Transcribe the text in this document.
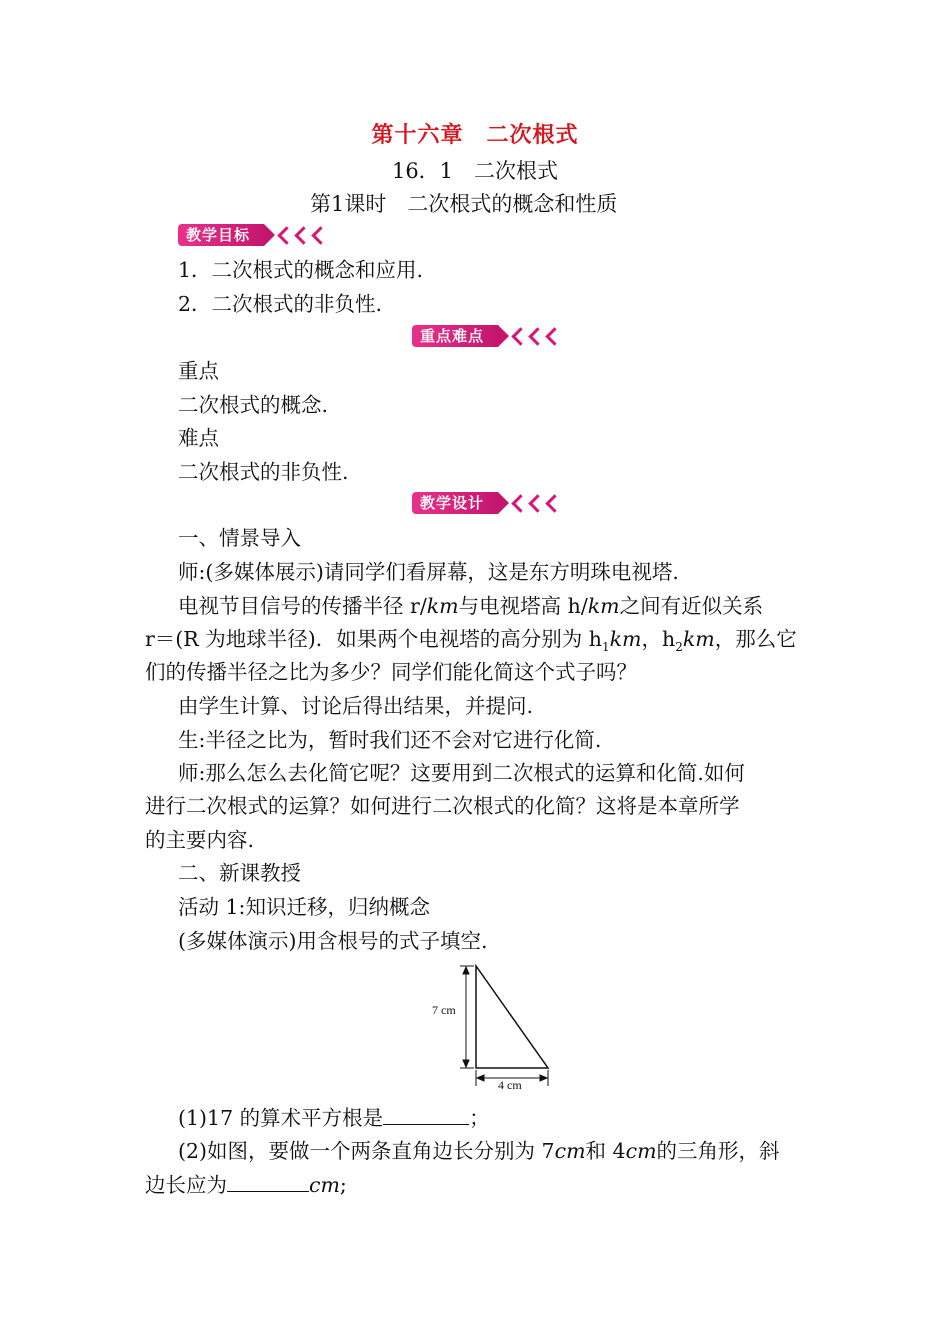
第十六章　二次根式
16．1　二次根式
第1课时　二次根式的概念和性质
教学目标
1．二次根式的概念和应用.
2．二次根式的非负性.
重点难点
重点
二次根式的概念.
难点
二次根式的非负性.
教学设计
一、情景导入
师:(多媒体展示)请同学们看屏幕，这是东方明珠电视塔.
电视节目信号的传播半径 r/km与电视塔高 h/km之间有近似关系
r＝(R 为地球半径)．如果两个电视塔的高分别为 $h_1km$，$h_2km$，那么它
们的传播半径之比为多少？同学们能化简这个式子吗？
由学生计算、讨论后得出结果，并提问.
生:半径之比为，暂时我们还不会对它进行化简.
师:那么怎么去化简它呢？这要用到二次根式的运算和化简.如何
进行二次根式的运算？如何进行二次根式的化简？这将是本章所学
的主要内容.
二、新课教授
活动 1:知识迁移，归纳概念
(多媒体演示)用含根号的式子填空.
7 cm
4 cm
(1)17 的算术平方根是	；
(2)如图，要做一个两条直角边长分别为 7cm和 4cm的三角形，斜
边长应为	cm;
